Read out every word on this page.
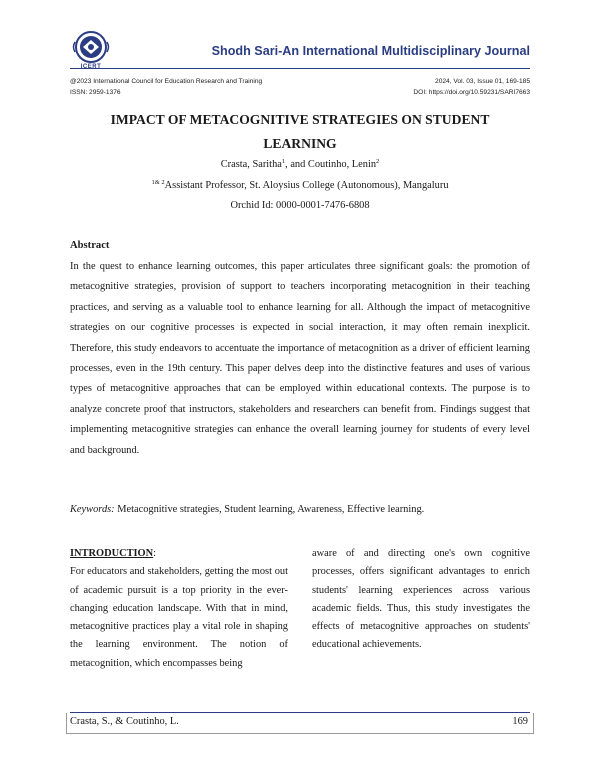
ICERT
Shodh Sari-An International Multidisciplinary Journal
@2023 International Council for Education Research and Training
ISSN: 2959-1376
2024, Vol. 03, Issue 01, 169-185
DOI: https://doi.org/10.59231/SARI7663
IMPACT OF METACOGNITIVE STRATEGIES ON STUDENT
LEARNING
Crasta, Saritha$^1$, and Coutinho, Lenin$^2$
$^{1\& 2}$Assistant Professor, St. Aloysius College (Autonomous), Mangaluru
Orchid Id: 0000-0001-7476-6808
Abstract
In the quest to enhance learning outcomes, this paper articulates three significant goals: the promotion of metacognitive strategies, provision of support to teachers incorporating metacognition in their teaching practices, and serving as a valuable tool to enhance learning for all. Although the impact of metacognitive strategies on our cognitive processes is expected in social interaction, it may often remain inexplicit. Therefore, this study endeavors to accentuate the importance of metacognition as a driver of efficient learning processes, even in the 19th century. This paper delves deep into the distinctive features and uses of various types of metacognitive approaches that can be employed within educational contexts. The purpose is to analyze concrete proof that instructors, stakeholders and researchers can benefit from. Findings suggest that implementing metacognitive strategies can enhance the overall learning journey for students of every level and background.
Keywords: Metacognitive strategies, Student learning, Awareness, Effective learning.
INTRODUCTION:
For educators and stakeholders, getting the most out of academic pursuit is a top priority in the ever-changing education landscape. With that in mind, metacognitive practices play a vital role in shaping the learning environment. The notion of metacognition, which encompasses being
aware of and directing one's own cognitive processes, offers significant advantages to enrich students' learning experiences across various academic fields. Thus, this study investigates the effects of metacognitive approaches on students' educational achievements.
Crasta, S., & Coutinho, L.	169
